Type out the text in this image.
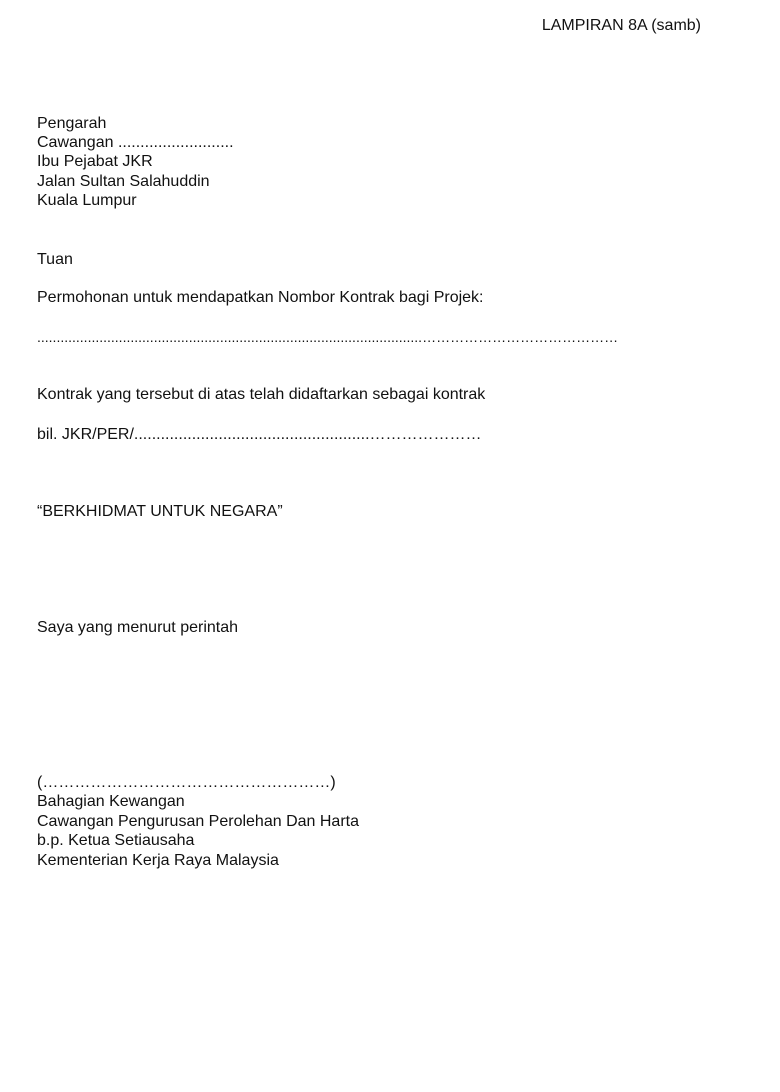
LAMPIRAN 8A (samb)
Pengarah
Cawangan ..........................
Ibu Pejabat JKR
Jalan Sultan Salahuddin
Kuala Lumpur
Tuan
Permohonan untuk mendapatkan Nombor Kontrak bagi Projek:
...................................................................................................……………………………………
Kontrak yang tersebut di atas telah didaftarkan sebagai kontrak
bil. JKR/PER/.....................................................…………………
“BERKHIDMAT UNTUK NEGARA”
Saya yang menurut perintah
(………………………………………………)
Bahagian Kewangan
Cawangan Pengurusan Perolehan Dan Harta
b.p. Ketua Setiausaha
Kementerian Kerja Raya Malaysia
